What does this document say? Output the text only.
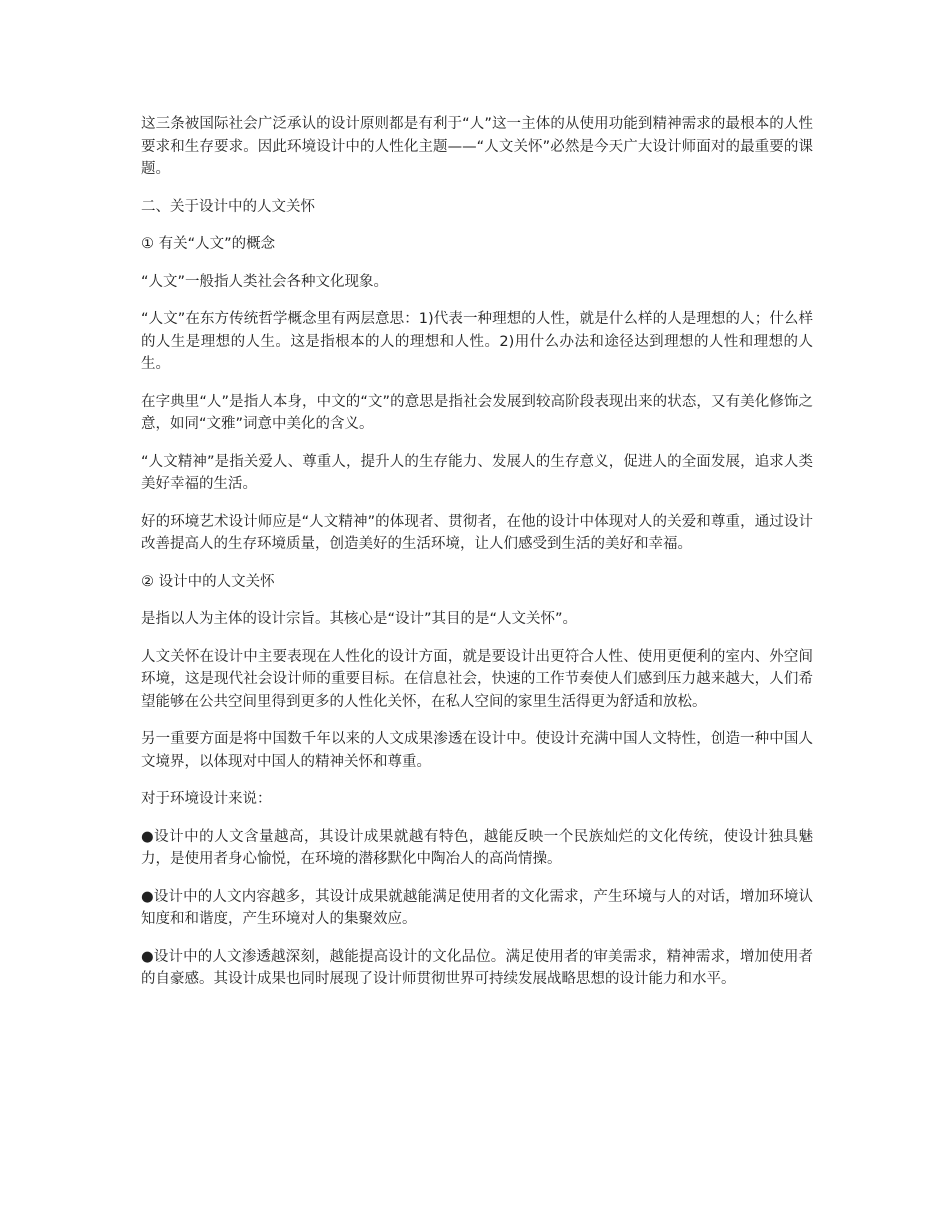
这三条被国际社会广泛承认的设计原则都是有利于“人”这一主体的从使用功能到精神需求的最根本的人性要求和生存要求。因此环境设计中的人性化主题——“人文关怀”必然是今天广大设计师面对的最重要的课题。

二、关于设计中的人文关怀

① 有关“人文”的概念

“人文”一般指人类社会各种文化现象。

“人文”在东方传统哲学概念里有两层意思：1)代表一种理想的人性，就是什么样的人是理想的人；什么样的人生是理想的人生。这是指根本的人的理想和人性。2)用什么办法和途径达到理想的人性和理想的人生。

在字典里“人”是指人本身，中文的“文”的意思是指社会发展到较高阶段表现出来的状态，又有美化修饰之意，如同“文雅”词意中美化的含义。

“人文精神”是指关爱人、尊重人，提升人的生存能力、发展人的生存意义，促进人的全面发展，追求人类美好幸福的生活。

好的环境艺术设计师应是“人文精神”的体现者、贯彻者，在他的设计中体现对人的关爱和尊重，通过设计改善提高人的生存环境质量，创造美好的生活环境，让人们感受到生活的美好和幸福。

② 设计中的人文关怀

是指以人为主体的设计宗旨。其核心是“设计”其目的是“人文关怀”。

人文关怀在设计中主要表现在人性化的设计方面，就是要设计出更符合人性、使用更便利的室内、外空间环境，这是现代社会设计师的重要目标。在信息社会，快速的工作节奏使人们感到压力越来越大，人们希望能够在公共空间里得到更多的人性化关怀，在私人空间的家里生活得更为舒适和放松。

另一重要方面是将中国数千年以来的人文成果渗透在设计中。使设计充满中国人文特性，创造一种中国人文境界，以体现对中国人的精神关怀和尊重。

对于环境设计来说：

●设计中的人文含量越高，其设计成果就越有特色，越能反映一个民族灿烂的文化传统，使设计独具魅力，是使用者身心愉悦，在环境的潜移默化中陶冶人的高尚情操。

●设计中的人文内容越多，其设计成果就越能满足使用者的文化需求，产生环境与人的对话，增加环境认知度和和谐度，产生环境对人的集聚效应。

●设计中的人文渗透越深刻，越能提高设计的文化品位。满足使用者的审美需求，精神需求，增加使用者的自豪感。其设计成果也同时展现了设计师贯彻世界可持续发展战略思想的设计能力和水平。
